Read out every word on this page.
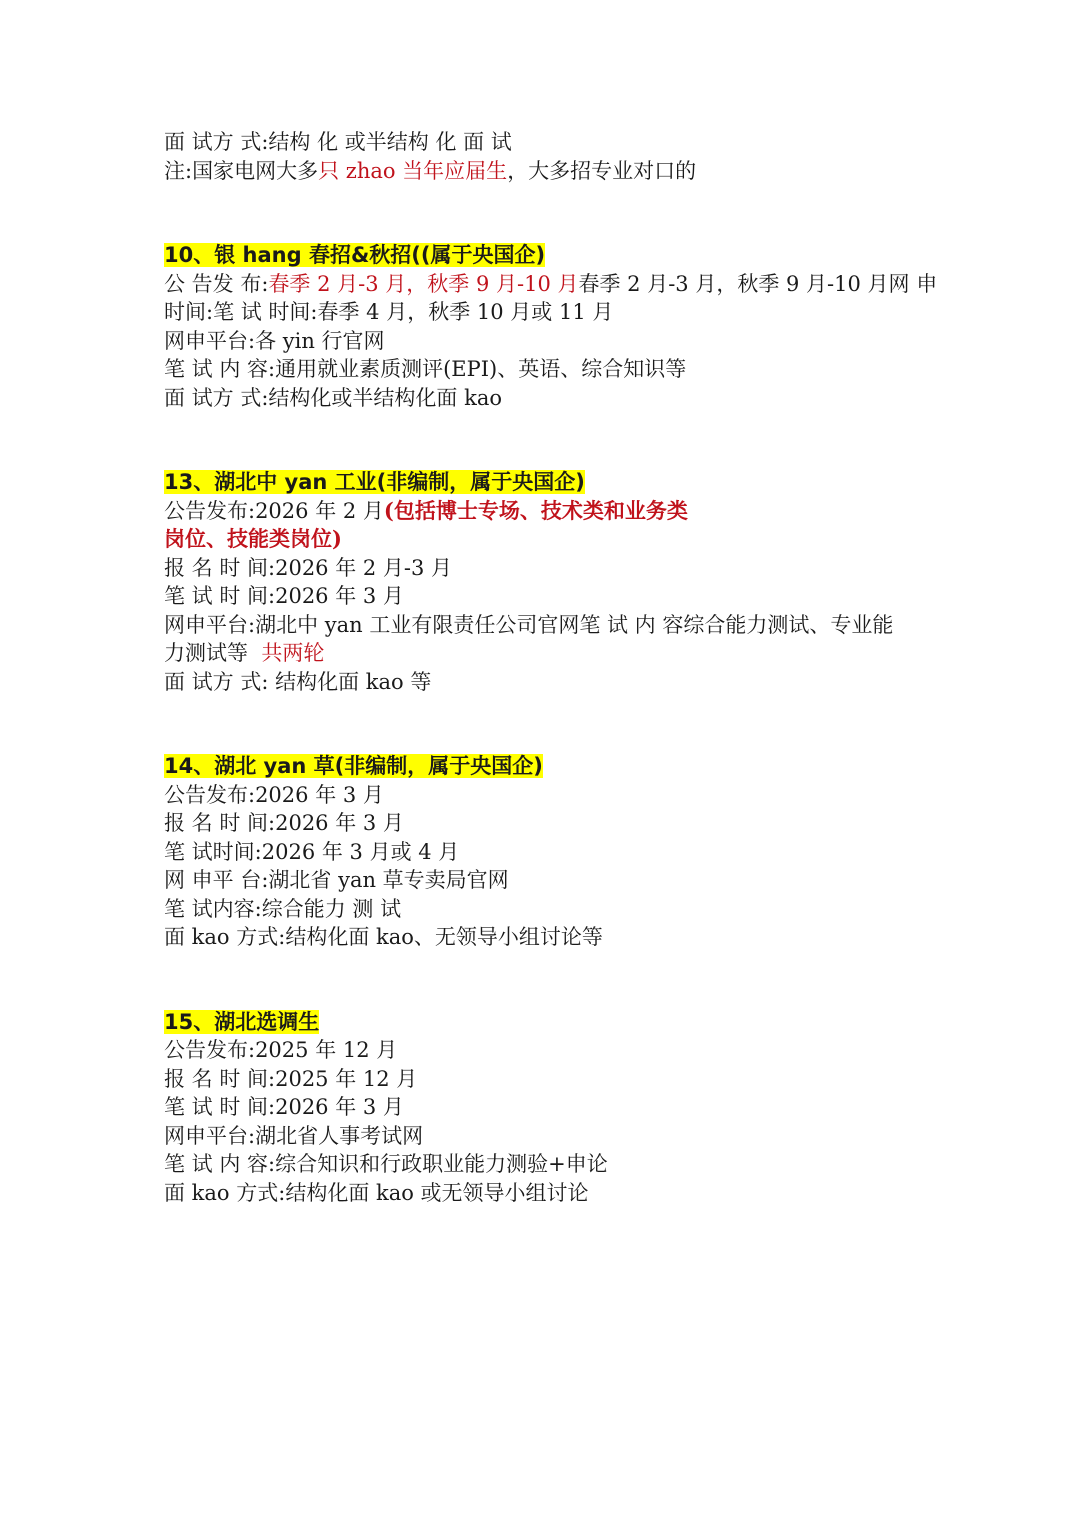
面 试方 式:结构 化 或半结构 化 面 试

注:国家电网大多只 zhao 当年应届生，大多招专业对口的

10、银 hang 春招&秋招((属于央国企)

公 告发 布:春季 2 月-3 月，秋季 9 月-10 月春季 2 月-3 月，秋季 9 月-10 月网 申

时间:笔 试 时间:春季 4 月，秋季 10 月或 11 月

网申平台:各 yin 行官网

笔 试 内 容:通用就业素质测评(EPI)、英语、综合知识等

面 试方 式:结构化或半结构化面 kao

13、湖北中 yan 工业(非编制，属于央国企)

公告发布:2026 年 2 月(包括博士专场、技术类和业务类

岗位、技能类岗位)

报 名 时 间:2026 年 2 月-3 月

笔 试 时 间:2026 年 3 月

网申平台:湖北中 yan 工业有限责任公司官网笔 试 内 容综合能力测试、专业能

力测试等  共两轮

面 试方 式: 结构化面 kao 等

14、湖北 yan 草(非编制，属于央国企)

公告发布:2026 年 3 月

报 名 时 间:2026 年 3 月

笔 试时间:2026 年 3 月或 4 月

网 申平 台:湖北省 yan 草专卖局官网

笔 试内容:综合能力 测 试

面 kao 方式:结构化面 kao、无领导小组讨论等

15、湖北选调生

公告发布:2025 年 12 月

报 名 时 间:2025 年 12 月

笔 试 时 间:2026 年 3 月

网申平台:湖北省人事考试网

笔 试 内 容:综合知识和行政职业能力测验+申论

面 kao 方式:结构化面 kao 或无领导小组讨论
